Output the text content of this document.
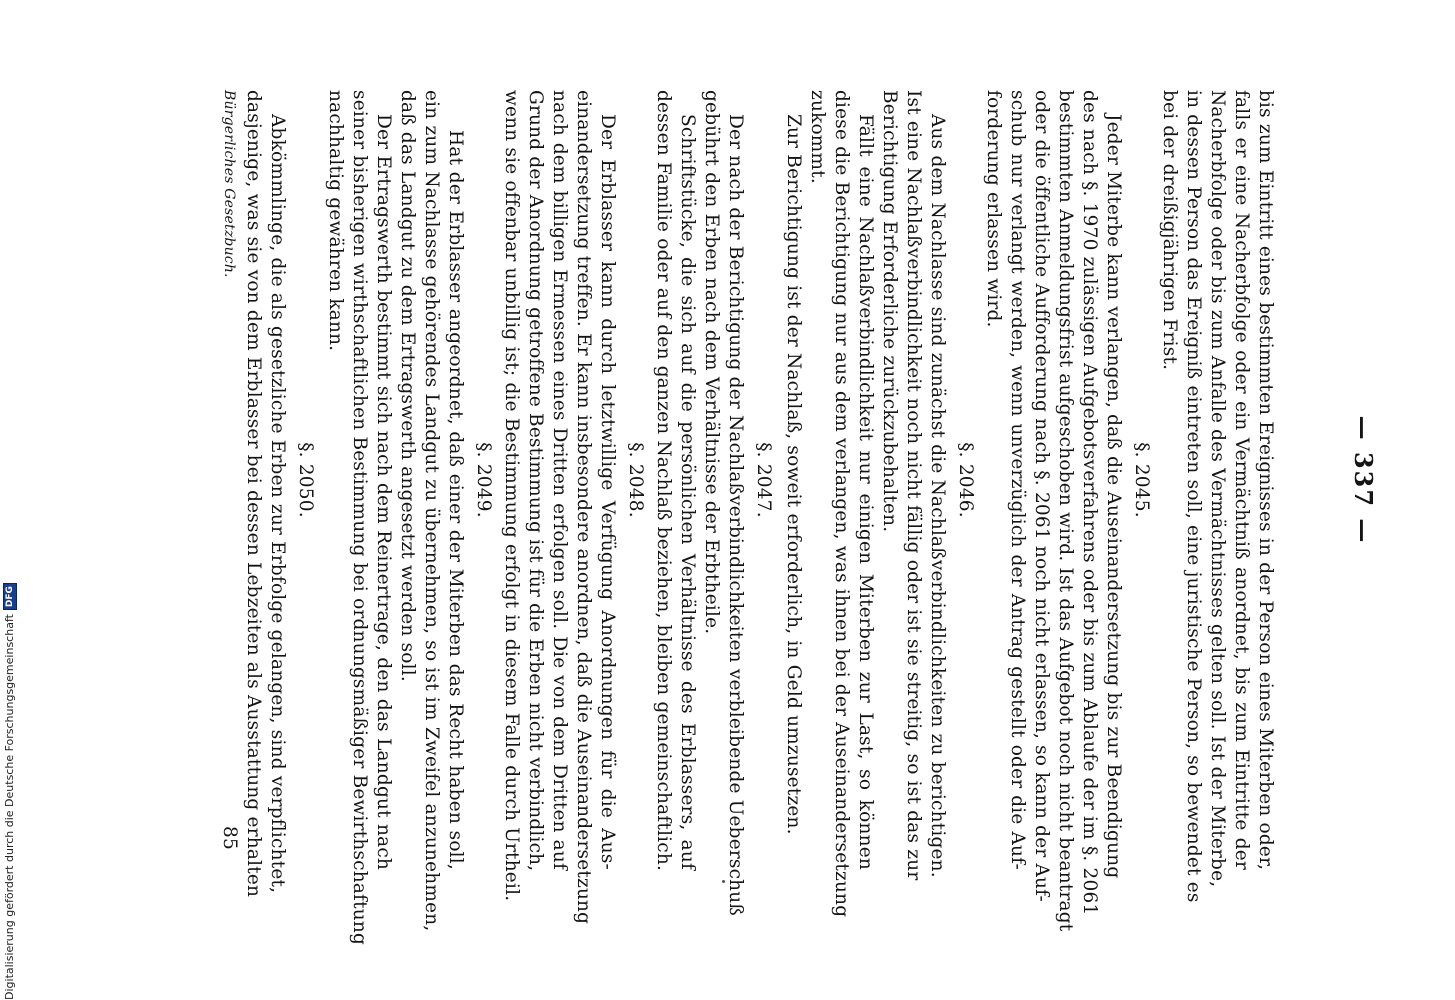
— 337 —
bis zum Eintritt eines bestimmten Ereignisses in der Person eines Miterben oder,
falls er eine Nacherbfolge oder ein Vermächtniß anordnet, bis zum Eintritte der
Nacherbfolge oder bis zum Anfalle des Vermächtnisses gelten soll. Ist der Miterbe,
in dessen Person das Ereigniß eintreten soll, eine juristische Person, so bewendet es
bei der dreißigjährigen Frist.
§. 2045.
Jeder Miterbe kann verlangen, daß die Auseinandersetzung bis zur Beendigung
des nach §. 1970 zulässigen Aufgebotsverfahrens oder bis zum Ablaufe der im §. 2061
bestimmten Anmeldungsfrist aufgeschoben wird. Ist das Aufgebot noch nicht beantragt
oder die öffentliche Aufforderung nach §. 2061 noch nicht erlassen, so kann der Auf-
schub nur verlangt werden, wenn unverzüglich der Antrag gestellt oder die Auf-
forderung erlassen wird.
§. 2046.
Aus dem Nachlasse sind zunächst die Nachlaßverbindlichkeiten zu berichtigen.
Ist eine Nachlaßverbindlichkeit noch nicht fällig oder ist sie streitig, so ist das zur
Berichtigung Erforderliche zurückzubehalten.
Fällt eine Nachlaßverbindlichkeit nur einigen Miterben zur Last, so können
diese die Berichtigung nur aus dem verlangen, was ihnen bei der Auseinandersetzung
zukommt.
Zur Berichtigung ist der Nachlaß, soweit erforderlich, in Geld umzusetzen.
§. 2047.
Der nach der Berichtigung der Nachlaßverbindlichkeiten verbleibende Ueberschuß
gebührt den Erben nach dem Verhältnisse der Erbtheile.
Schriftstücke, die sich auf die persönlichen Verhältnisse des Erblassers, auf
dessen Familie oder auf den ganzen Nachlaß beziehen, bleiben gemeinschaftlich.
§. 2048.
Der Erblasser kann durch letztwillige Verfügung Anordnungen für die Aus-
einandersetzung treffen. Er kann insbesondere anordnen, daß die Auseinandersetzung
nach dem billigen Ermessen eines Dritten erfolgen soll. Die von dem Dritten auf
Grund der Anordnung getroffene Bestimmung ist für die Erben nicht verbindlich,
wenn sie offenbar unbillig ist; die Bestimmung erfolgt in diesem Falle durch Urtheil.
§. 2049.
Hat der Erblasser angeordnet, daß einer der Miterben das Recht haben soll,
ein zum Nachlasse gehörendes Landgut zu übernehmen, so ist im Zweifel anzunehmen,
daß das Landgut zu dem Ertragswerth angesetzt werden soll.
Der Ertragswerth bestimmt sich nach dem Reinertrage, den das Landgut nach
seiner bisherigen wirthschaftlichen Bestimmung bei ordnungsmäßiger Bewirthschaftung
nachhaltig gewähren kann.
§. 2050.
Abkömmlinge, die als gesetzliche Erben zur Erbfolge gelangen, sind verpflichtet,
dasjenige, was sie von dem Erblasser bei dessen Lebzeiten als Ausstattung erhalten
Bürgerliches Gesetzbuch.
85
Digitalisierung gefördert durch die Deutsche ForschungsgemeinschaftDFG
